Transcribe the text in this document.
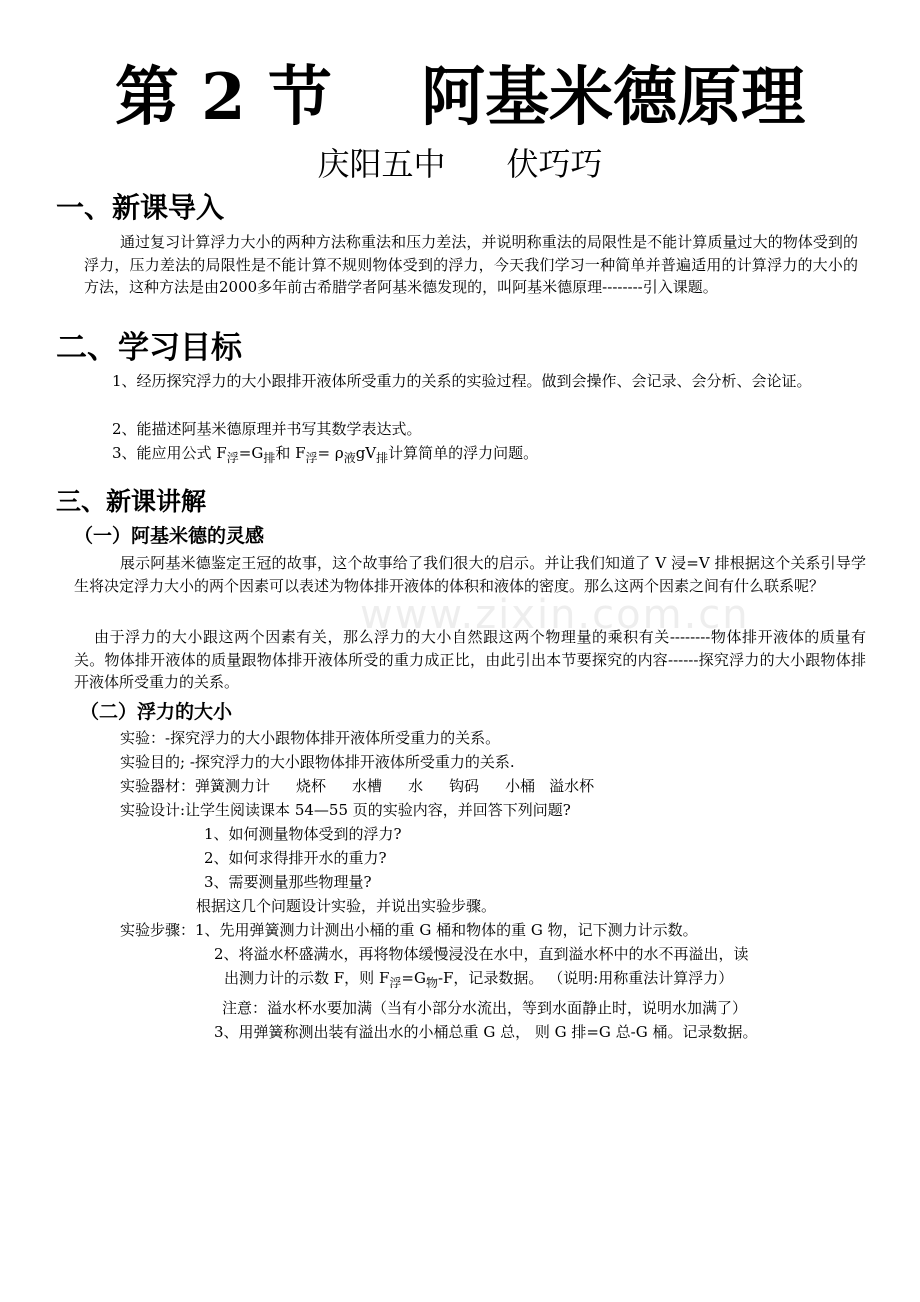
www.zixin.com.cn
第 2 节    阿基米德原理
庆阳五中      伏巧巧
一、新课导入
通过复习计算浮力大小的两种方法称重法和压力差法，并说明称重法的局限性是不能计算质量过大的物体受到的浮力，压力差法的局限性是不能计算不规则物体受到的浮力，今天我们学习一种简单并普遍适用的计算浮力的大小的方法，这种方法是由2000多年前古希腊学者阿基米德发现的，叫阿基米德原理--------引入课题。
二、学习目标
1、经历探究浮力的大小跟排开液体所受重力的关系的实验过程。做到会操作、会记录、会分析、会论证。
2、能描述阿基米德原理并书写其数学表达式。
3、能应用公式 $F_浮=G_排$和 $F_浮= \rho_液gV_排$计算简单的浮力问题。
三、新课讲解
（一）阿基米德的灵感
展示阿基米德鉴定王冠的故事，这个故事给了我们很大的启示。并让我们知道了 V 浸=V 排根据这个关系引导学生将决定浮力大小的两个因素可以表述为物体排开液体的体积和液体的密度。那么这两个因素之间有什么联系呢？
由于浮力的大小跟这两个因素有关，那么浮力的大小自然跟这两个物理量的乘积有关--------物体排开液体的质量有关。物体排开液体的质量跟物体排开液体所受的重力成正比，由此引出本节要探究的内容------探究浮力的大小跟物体排开液体所受重力的关系。
（二）浮力的大小
实验：-探究浮力的大小跟物体排开液体所受重力的关系。
实验目的; -探究浮力的大小跟物体排开液体所受重力的关系.
实验器材：弹簧测力计 烧杯 水槽 水 钩码 小桶 溢水杯
实验设计:让学生阅读课本 54—55 页的实验内容，并回答下列问题?
1、如何测量物体受到的浮力?
2、如何求得排开水的重力?
3、需要测量那些物理量?
根据这几个问题设计实验，并说出实验步骤。
实验步骤：1、先用弹簧测力计测出小桶的重 G 桶和物体的重 G 物，记下测力计示数。
2、将溢水杯盛满水，再将物体缓慢浸没在水中，直到溢水杯中的水不再溢出，读
出测力计的示数 F，则 $F_浮=G_物-F$，记录数据。 （说明:用称重法计算浮力）
注意：溢水杯水要加满（当有小部分水流出，等到水面静止时，说明水加满了）
3、用弹簧称测出装有溢出水的小桶总重 G 总， 则 G 排=G 总-G 桶。记录数据。
